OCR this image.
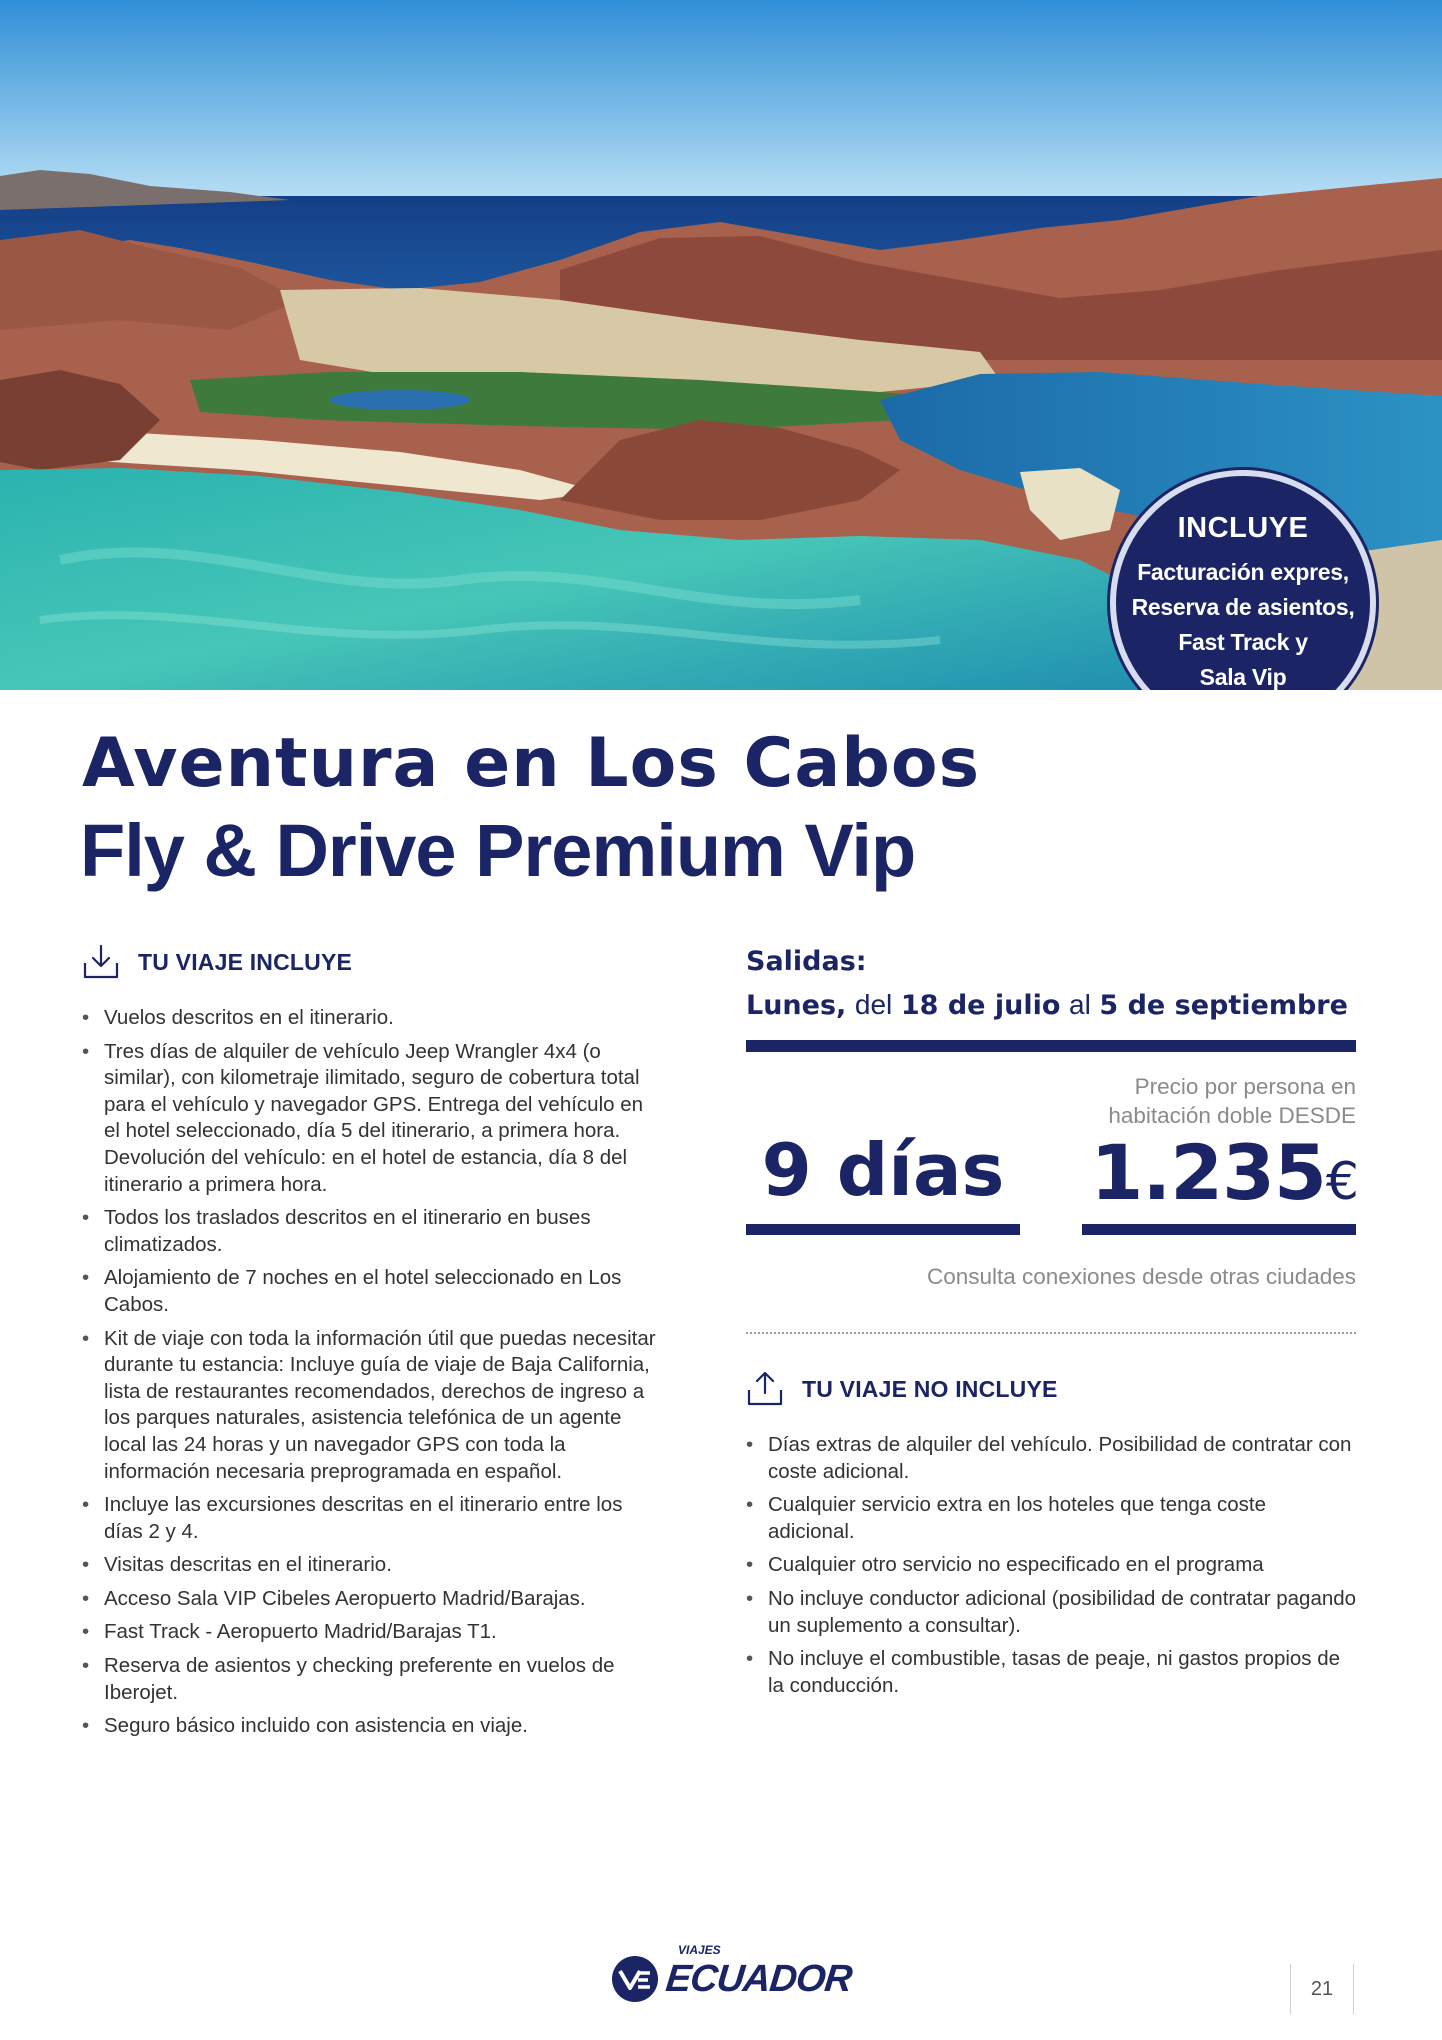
INCLUYE
Facturación expres,
Reserva de asientos,
Fast Track y
Sala Vip
Aventura en Los Cabos
Fly & Drive Premium Vip
TU VIAJE INCLUYE
• Vuelos descritos en el itinerario.
• Tres días de alquiler de vehículo Jeep Wrangler 4x4 (o similar), con kilometraje ilimitado, seguro de cobertura total para el vehículo y navegador GPS. Entrega del vehículo en el hotel seleccionado, día 5 del itinerario, a primera hora. Devolución del vehículo: en el hotel de estancia, día 8 del itinerario a primera hora.
• Todos los traslados descritos en el itinerario en buses climatizados.
• Alojamiento de 7 noches en el hotel seleccionado en Los Cabos.
• Kit de viaje con toda la información útil que puedas necesitar durante tu estancia: Incluye guía de viaje de Baja California, lista de restaurantes recomendados, derechos de ingreso a los parques naturales, asistencia telefónica de un agente local las 24 horas y un navegador GPS con toda la información necesaria preprogramada en español.
• Incluye las excursiones descritas en el itinerario entre los días 2 y 4.
• Visitas descritas en el itinerario.
• Acceso Sala VIP Cibeles Aeropuerto Madrid/Barajas.
• Fast Track - Aeropuerto Madrid/Barajas T1.
• Reserva de asientos y checking preferente en vuelos de Iberojet.
• Seguro básico incluido con asistencia en viaje.
Salidas:
Lunes, del 18 de julio al 5 de septiembre
Precio por persona en
habitación doble DESDE
9 días 1.235€
Consulta conexiones desde otras ciudades
TU VIAJE NO INCLUYE
• Días extras de alquiler del vehículo. Posibilidad de contratar con coste adicional.
• Cualquier servicio extra en los hoteles que tenga coste adicional.
• Cualquier otro servicio no especificado en el programa
• No incluye conductor adicional (posibilidad de contratar pagando un suplemento a consultar).
• No incluye el combustible, tasas de peaje, ni gastos propios de la conducción.
VIAJES
ECUADOR	21
